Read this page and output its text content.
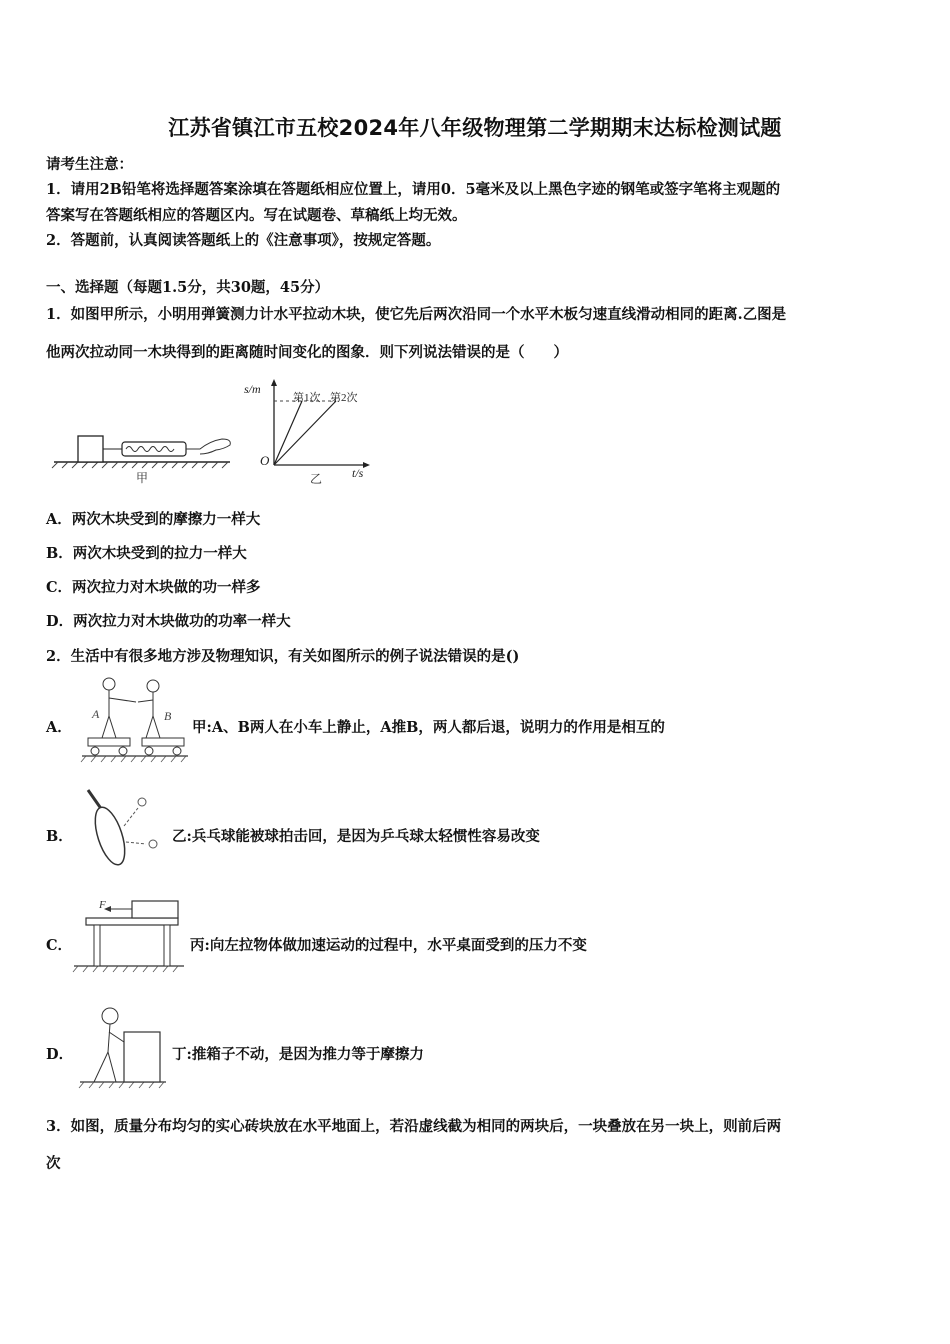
江苏省镇江市五校2024年八年级物理第二学期期末达标检测试题
请考生注意：
1．请用2B铅笔将选择题答案涂填在答题纸相应位置上，请用0．5毫米及以上黑色字迹的钢笔或签字笔将主观题的
答案写在答题纸相应的答题区内。写在试题卷、草稿纸上均无效。
2．答题前，认真阅读答题纸上的《注意事项》，按规定答题。
一、选择题（每题1.5分，共30题，45分）
1．如图甲所示，小明用弹簧测力计水平拉动木块，使它先后两次沿同一个水平木板匀速直线滑动相同的距离.乙图是
他两次拉动同一木块得到的距离随时间变化的图象．则下列说法错误的是（　　）
甲
s/m
第1次 第2次
O
t/s
乙
A．两次木块受到的摩擦力一样大
B．两次木块受到的拉力一样大
C．两次拉力对木块做的功一样多
D．两次拉力对木块做功的功率一样大
2．生活中有很多地方涉及物理知识，有关如图所示的例子说法错误的是()
A．
A	B
甲:A、B两人在小车上静止，A推B，两人都后退，说明力的作用是相互的
B．	乙:兵乓球能被球拍击回，是因为乒乓球太轻惯性容易改变
C．
F
丙:向左拉物体做加速运动的过程中，水平桌面受到的压力不变
D．	丁:推箱子不动，是因为推力等于摩擦力
3．如图，质量分布均匀的实心砖块放在水平地面上，若沿虚线截为相同的两块后，一块叠放在另一块上，则前后两
次
